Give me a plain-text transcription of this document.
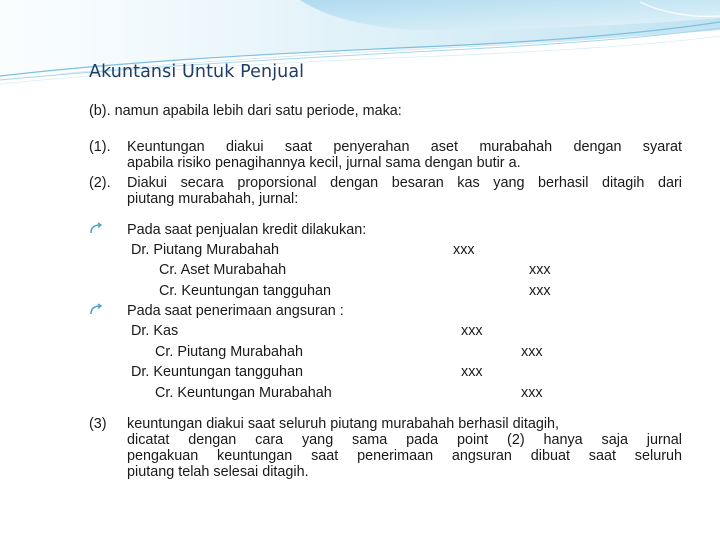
Akuntansi Untuk Penjual
(b). namun apabila lebih dari satu periode, maka:
(1). Keuntungan diakui saat penyerahan aset murabahah dengan syarat
apabila risiko penagihannya kecil, jurnal sama dengan butir a.
(2). Diakui secara proporsional dengan besaran kas yang berhasil ditagih dari
piutang murabahah, jurnal:
Pada saat penjualan kredit dilakukan:
Dr. Piutang Murabahah	xxx
Cr. Aset Murabahah	xxx
Cr. Keuntungan tangguhan	xxx
Pada saat penerimaan angsuran :
Dr. Kas	xxx
Cr. Piutang Murabahah	xxx
Dr. Keuntungan tangguhan	xxx
Cr. Keuntungan Murabahah	xxx
(3) keuntungan diakui saat seluruh piutang murabahah berhasil ditagih,
dicatat dengan cara yang sama pada point (2) hanya saja jurnal
pengakuan keuntungan saat penerimaan angsuran dibuat saat seluruh
piutang telah selesai ditagih.
